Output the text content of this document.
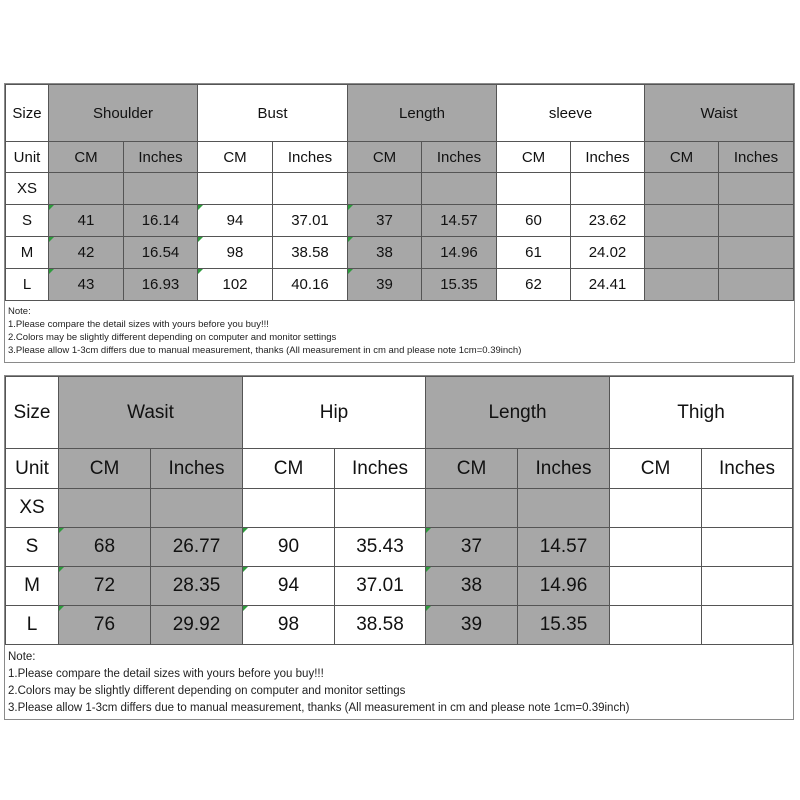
Size	Shoulder		Bust		Length		sleeve		Waist	
Unit	CM	Inches	CM	Inches	CM	Inches	CM	Inches	CM	Inches
XS										
S	41	16.14	94	37.01	37	14.57	60	23.62		
M	42	16.54	98	38.58	38	14.96	61	24.02		
L	43	16.93	102	40.16	39	15.35	62	24.41		
Note:
1.Please compare the detail sizes with yours before you buy!!!
2.Colors may be slightly different depending on computer and monitor settings
3.Please allow 1-3cm differs due to manual measurement, thanks (All measurement in cm and please note 1cm=0.39inch)
Size	Wasit		Hip		Length		Thigh	
Unit	CM	Inches	CM	Inches	CM	Inches	CM	Inches
XS								
S	68	26.77	90	35.43	37	14.57		
M	72	28.35	94	37.01	38	14.96		
L	76	29.92	98	38.58	39	15.35		
Note:
1.Please compare the detail sizes with yours before you buy!!!
2.Colors may be slightly different depending on computer and monitor settings
3.Please allow 1-3cm differs due to manual measurement, thanks (All measurement in cm and please note 1cm=0.39inch)
